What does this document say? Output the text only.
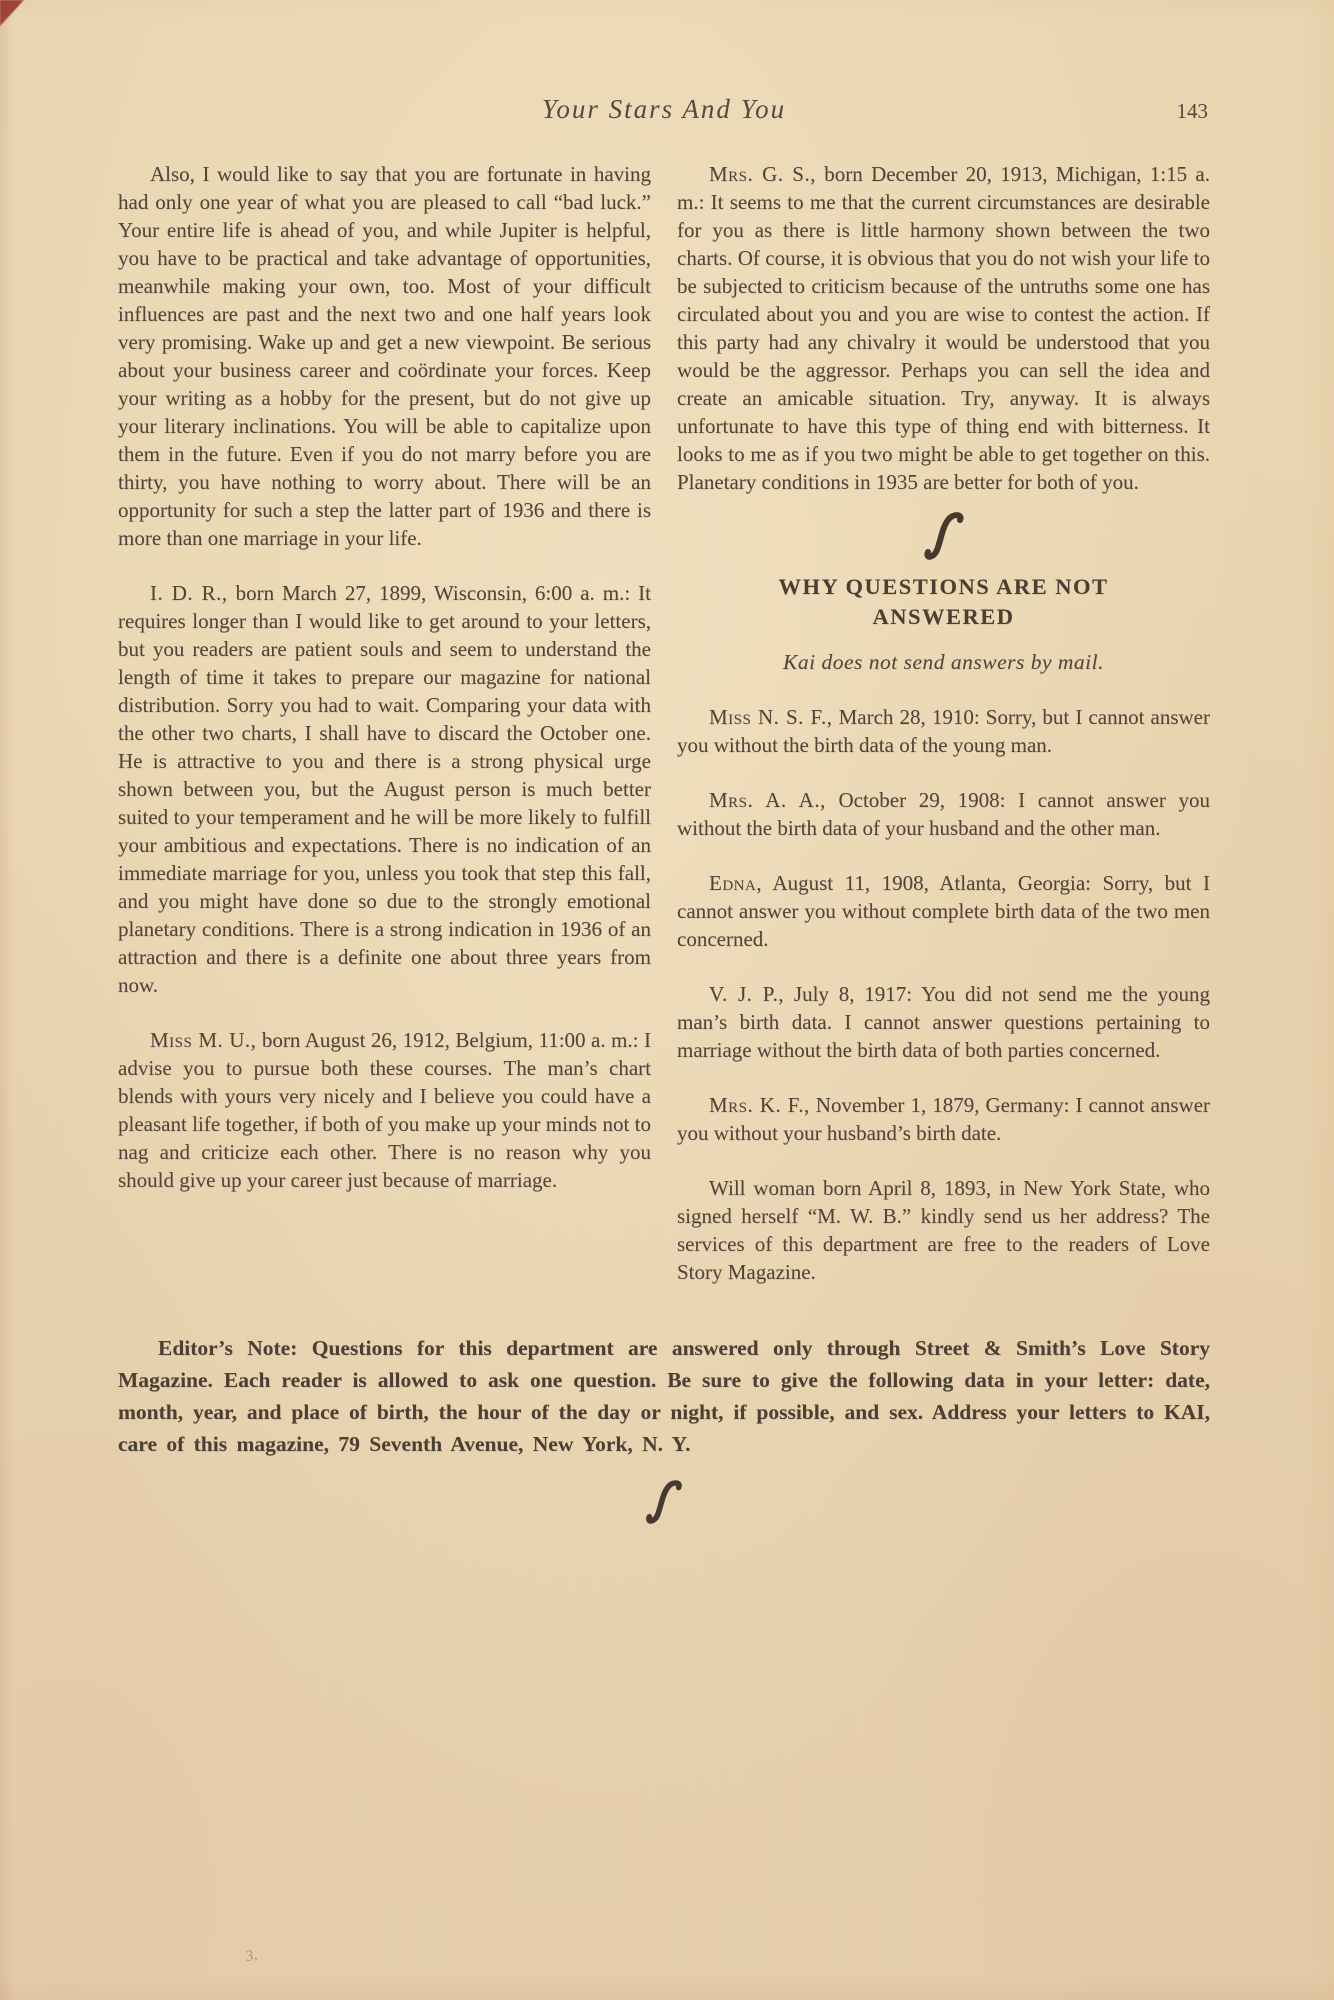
Your Stars And You	143

Also, I would like to say that you are fortunate in having had only one year of what you are pleased to call “bad luck.” Your entire life is ahead of you, and while Jupiter is helpful, you have to be practical and take advantage of opportunities, meanwhile making your own, too. Most of your difficult influences are past and the next two and one half years look very promising. Wake up and get a new viewpoint. Be serious about your business career and coördinate your forces. Keep your writing as a hobby for the present, but do not give up your literary inclinations. You will be able to capitalize upon them in the future. Even if you do not marry before you are thirty, you have nothing to worry about. There will be an opportunity for such a step the latter part of 1936 and there is more than one marriage in your life.

I. D. R., born March 27, 1899, Wisconsin, 6:00 a. m.: It requires longer than I would like to get around to your letters, but you readers are patient souls and seem to understand the length of time it takes to prepare our magazine for national distribution. Sorry you had to wait. Comparing your data with the other two charts, I shall have to discard the October one. He is attractive to you and there is a strong physical urge shown between you, but the August person is much better suited to your temperament and he will be more likely to fulfill your ambitious and expectations. There is no indication of an immediate marriage for you, unless you took that step this fall, and you might have done so due to the strongly emotional planetary conditions. There is a strong indication in 1936 of an attraction and there is a definite one about three years from now.

Miss M. U., born August 26, 1912, Belgium, 11:00 a. m.: I advise you to pursue both these courses. The man’s chart blends with yours very nicely and I believe you could have a pleasant life together, if both of you make up your minds not to nag and criticize each other. There is no reason why you should give up your career just because of marriage.

Mrs. G. S., born December 20, 1913, Michigan, 1:15 a. m.: It seems to me that the current circumstances are desirable for you as there is little harmony shown between the two charts. Of course, it is obvious that you do not wish your life to be subjected to criticism because of the untruths some one has circulated about you and you are wise to contest the action. If this party had any chivalry it would be understood that you would be the aggressor. Perhaps you can sell the idea and create an amicable situation. Try, anyway. It is always unfortunate to have this type of thing end with bitterness. It looks to me as if you two might be able to get together on this. Planetary conditions in 1935 are better for both of you.

WHY QUESTIONS ARE NOT ANSWERED
Kai does not send answers by mail.

Miss N. S. F., March 28, 1910: Sorry, but I cannot answer you without the birth data of the young man.

Mrs. A. A., October 29, 1908: I cannot answer you without the birth data of your husband and the other man.

Edna, August 11, 1908, Atlanta, Georgia: Sorry, but I cannot answer you without complete birth data of the two men concerned.

V. J. P., July 8, 1917: You did not send me the young man’s birth data. I cannot answer questions pertaining to marriage without the birth data of both parties concerned.

Mrs. K. F., November 1, 1879, Germany: I cannot answer you without your husband’s birth date.

Will woman born April 8, 1893, in New York State, who signed herself “M. W. B.” kindly send us her address? The services of this department are free to the readers of Love Story Magazine.

Editor’s Note: Questions for this department are answered only through Street & Smith’s Love Story Magazine. Each reader is allowed to ask one question. Be sure to give the following data in your letter: date, month, year, and place of birth, the hour of the day or night, if possible, and sex. Address your letters to KAI, care of this magazine, 79 Seventh Avenue, New York, N. Y.
3,
